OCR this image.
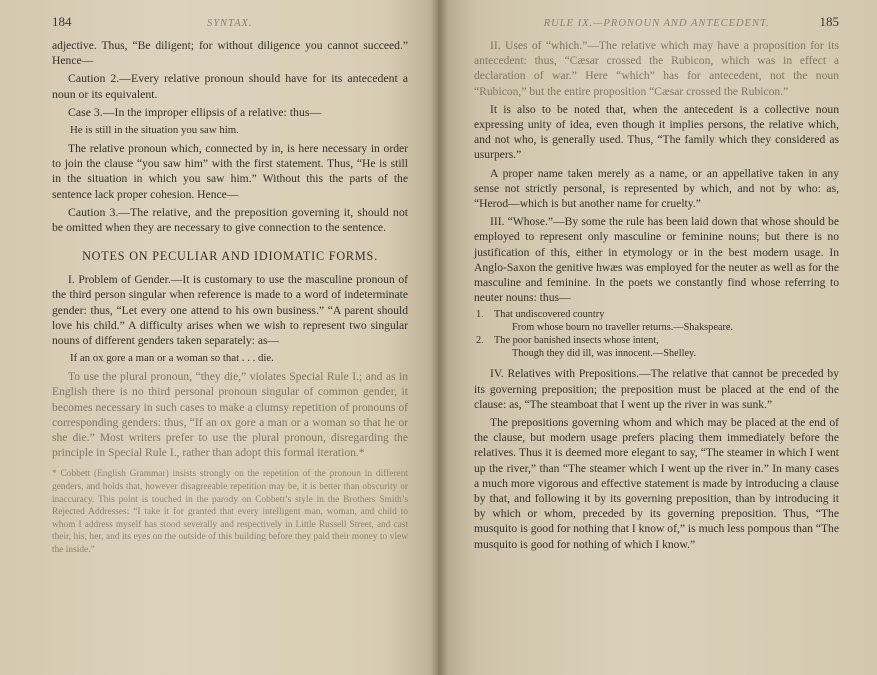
184	SYNTAX.

adjective. Thus, “Be diligent; for without diligence you cannot succeed.” Hence—

Caution 2.—Every relative pronoun should have for its antecedent a noun or its equivalent.

Case 3.—In the improper ellipsis of a relative: thus—

He is still in the situation you saw him.

The relative pronoun which, connected by in, is here necessary in order to join the clause “you saw him” with the first statement. Thus, “He is still in the situation in which you saw him.” Without this the parts of the sentence lack proper cohesion. Hence—

Caution 3.—The relative, and the preposition governing it, should not be omitted when they are necessary to give connection to the sentence.

NOTES ON PECULIAR AND IDIOMATIC FORMS.

I. Problem of Gender.—It is customary to use the masculine pronoun of the third person singular when reference is made to a word of indeterminate gender: thus, “Let every one attend to his own business.” “A parent should love his child.” A difficulty arises when we wish to represent two singular nouns of different genders taken separately: as—

If an ox gore a man or a woman so that . . . die.

To use the plural pronoun, “they die,” violates Special Rule I.; and as in English there is no third personal pronoun singular of common gender, it becomes necessary in such cases to make a clumsy repetition of pronouns of corresponding genders: thus, “If an ox gore a man or a woman so that he or she die.” Most writers prefer to use the plural pronoun, disregarding the principle in Special Rule I., rather than adopt this formal iteration.*

* Cobbett (English Grammar) insists strongly on the repetition of the pronoun in different genders, and holds that, however disagreeable repetition may be, it is better than obscurity or inaccuracy. This point is touched in the parody on Cobbett’s style in the Brothers Smith’s Rejected Addresses: “I take it for granted that every intelligent man, woman, and child to whom I address myself has stood severally and respectively in Little Russell Street, and cast their, his, her, and its eyes on the outside of this building before they paid their money to view the inside.”

RULE IX.—PRONOUN AND ANTECEDENT.	185

II. Uses of “which.”—The relative which may have a proposition for its antecedent: thus, “Cæsar crossed the Rubicon, which was in effect a declaration of war.” Here “which” has for antecedent, not the noun “Rubicon,” but the entire proposition “Cæsar crossed the Rubicon.”

It is also to be noted that, when the antecedent is a collective noun expressing unity of idea, even though it implies persons, the relative which, and not who, is generally used. Thus, “The family which they considered as usurpers.”

A proper name taken merely as a name, or an appellative taken in any sense not strictly personal, is represented by which, and not by who: as, “Herod—which is but another name for cruelty.”

III. “Whose.”—By some the rule has been laid down that whose should be employed to represent only masculine or feminine nouns; but there is no justification of this, either in etymology or in the best modern usage. In Anglo-Saxon the genitive hwæs was employed for the neuter as well as for the masculine and feminine. In the poets we constantly find whose referring to neuter nouns: thus—

1. That undiscovered country
From whose bourn no traveller returns.—Shakspeare.
2. The poor banished insects whose intent,
Though they did ill, was innocent.—Shelley.

IV. Relatives with Prepositions.—The relative that cannot be preceded by its governing preposition; the preposition must be placed at the end of the clause: as, “The steamboat that I went up the river in was sunk.”

The prepositions governing whom and which may be placed at the end of the clause, but modern usage prefers placing them immediately before the relatives. Thus it is deemed more elegant to say, “The steamer in which I went up the river,” than “The steamer which I went up the river in.” In many cases a much more vigorous and effective statement is made by introducing a clause by that, and following it by its governing preposition, than by introducing it by which or whom, preceded by its governing preposition. Thus, “The musquito is good for nothing that I know of,” is much less pompous than “The musquito is good for nothing of which I know.”
